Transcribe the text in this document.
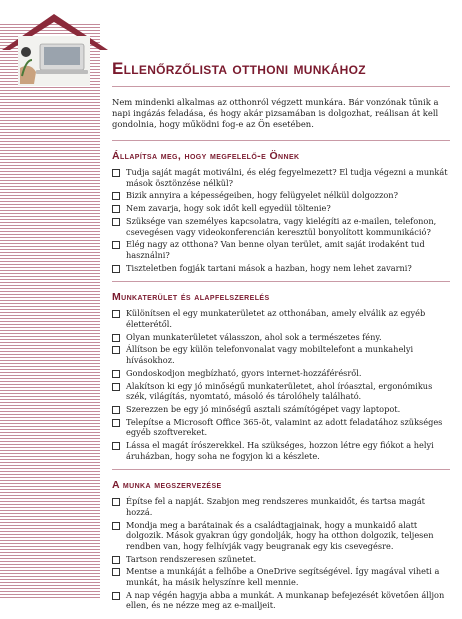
Ellenőrzőlista otthoni munkához

Nem mindenki alkalmas az otthonról végzett munkára. Bár vonzónak tűnik a napi ingázás feladása, és hogy akár pizsamában is dolgozhat, reálisan át kell gondolnia, hogy működni fog-e az Ön esetében.

Állapítsa meg, hogy megfelelő-e Önnek
Tudja saját magát motiválni, és elég fegyelmezett? El tudja végezni a munkát mások ösztönzése nélkül?
Bizik annyira a képességeiben, hogy felügyelet nélkül dolgozzon?
Nem zavarja, hogy sok időt kell egyedül töltenie?
Szüksége van személyes kapcsolatra, vagy kielégíti az e-mailen, telefonon, csevegésen vagy videokonferencián keresztül bonyolított kommunikáció?
Elég nagy az otthona? Van benne olyan terület, amit saját irodaként tud használni?
Tiszteletben fogják tartani mások a hazban, hogy nem lehet zavarni?
Munkaterület és alapfelszerelés
Különítsen el egy munkaterületet az otthonában, amely elválik az egyéb életterétől.
Olyan munkaterületet válasszon, ahol sok a természetes fény.
Állítson be egy külön telefonvonalat vagy mobiltelefont a munkahelyi hívásokhoz.
Gondoskodjon megbízható, gyors internet-hozzáférésről.
Alakítson ki egy jó minőségű munkaterületet, ahol íróasztal, ergonómikus szék, világítás, nyomtató, másoló és tárolóhely található.
Szerezzen be egy jó minőségű asztali számítógépet vagy laptopot.
Telepítse a Microsoft Office 365-öt, valamint az adott feladatához szükséges egyéb szoftvereket.
Lássa el magát írószerekkel. Ha szükséges, hozzon létre egy fiókot a helyi áruházban, hogy soha ne fogyjon ki a készlete.
A munka megszervezése
Építse fel a napját. Szabjon meg rendszeres munkaidőt, és tartsa magát hozzá.
Mondja meg a barátainak és a családtagjainak, hogy a munkaidő alatt dolgozik. Mások gyakran úgy gondolják, hogy ha otthon dolgozik, teljesen rendben van, hogy felhívják vagy beugranak egy kis csevegésre.
Tartson rendszeresen szünetet.
Mentse a munkáját a felhőbe a OneDrive segítségével. Így magával viheti a munkát, ha másik helyszínre kell mennie.
A nap végén hagyja abba a munkát. A munkanap befejezését követően álljon ellen, és ne nézze meg az e-mailjeit.
